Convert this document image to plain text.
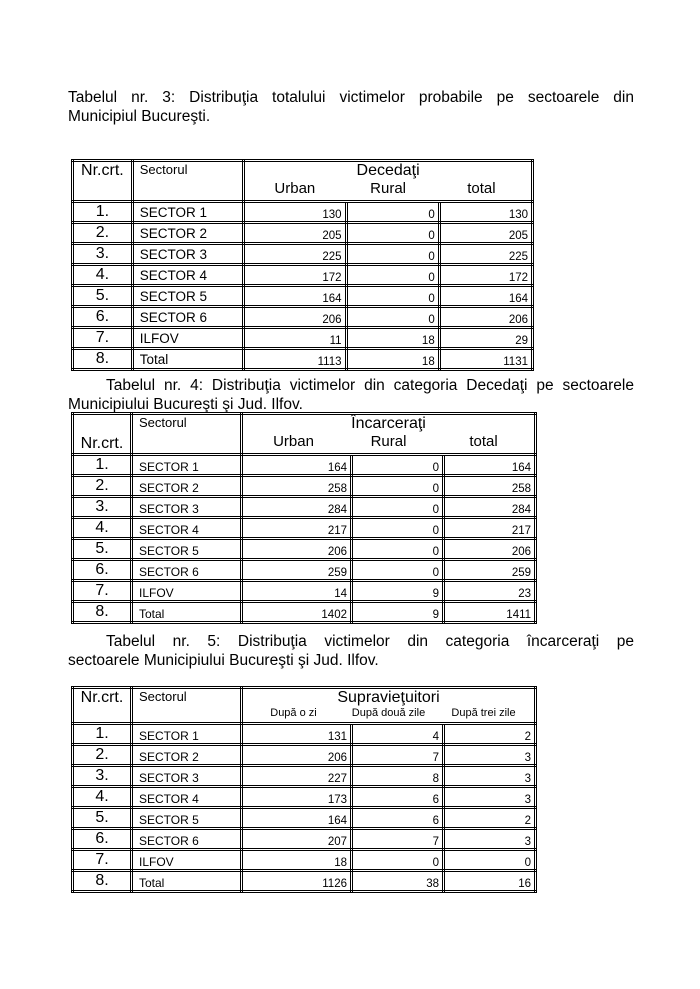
Tabelul nr. 3: Distribuţia totalului victimelor probabile pe sectoarele din
Municipiul Bucureşti.
Nr.crt.	Sectorul	Decedaţi
Urban Rural total		

1.	SECTOR 1	130	0	130
2.	SECTOR 2	205	0	205
3.	SECTOR 3	225	0	225
4.	SECTOR 4	172	0	172
5.	SECTOR 5	164	0	164
6.	SECTOR 6	206	0	206
7.	ILFOV	11	18	29
8.	Total	1113	18	1131
Tabelul nr. 4: Distribuţia victimelor din categoria Decedaţi pe sectoarele
Municipiului Bucureşti şi Jud. Ilfov.
Nr.crt.	Sectorul	Încarceraţi
Urban Rural total		

1.	SECTOR 1	164	0	164
2.	SECTOR 2	258	0	258
3.	SECTOR 3	284	0	284
4.	SECTOR 4	217	0	217
5.	SECTOR 5	206	0	206
6.	SECTOR 6	259	0	259
7.	ILFOV	14	9	23
8.	Total	1402	9	1411
Tabelul nr. 5: Distribuţia victimelor din categoria încarceraţi pe
sectoarele Municipiului Bucureşti şi Jud. Ilfov.
Nr.crt.	Sectorul	Supravieţuitori
După o zi După două zile După trei zile		

1.	SECTOR 1	131	4	2
2.	SECTOR 2	206	7	3
3.	SECTOR 3	227	8	3
4.	SECTOR 4	173	6	3
5.	SECTOR 5	164	6	2
6.	SECTOR 6	207	7	3
7.	ILFOV	18	0	0
8.	Total	1126	38	16
